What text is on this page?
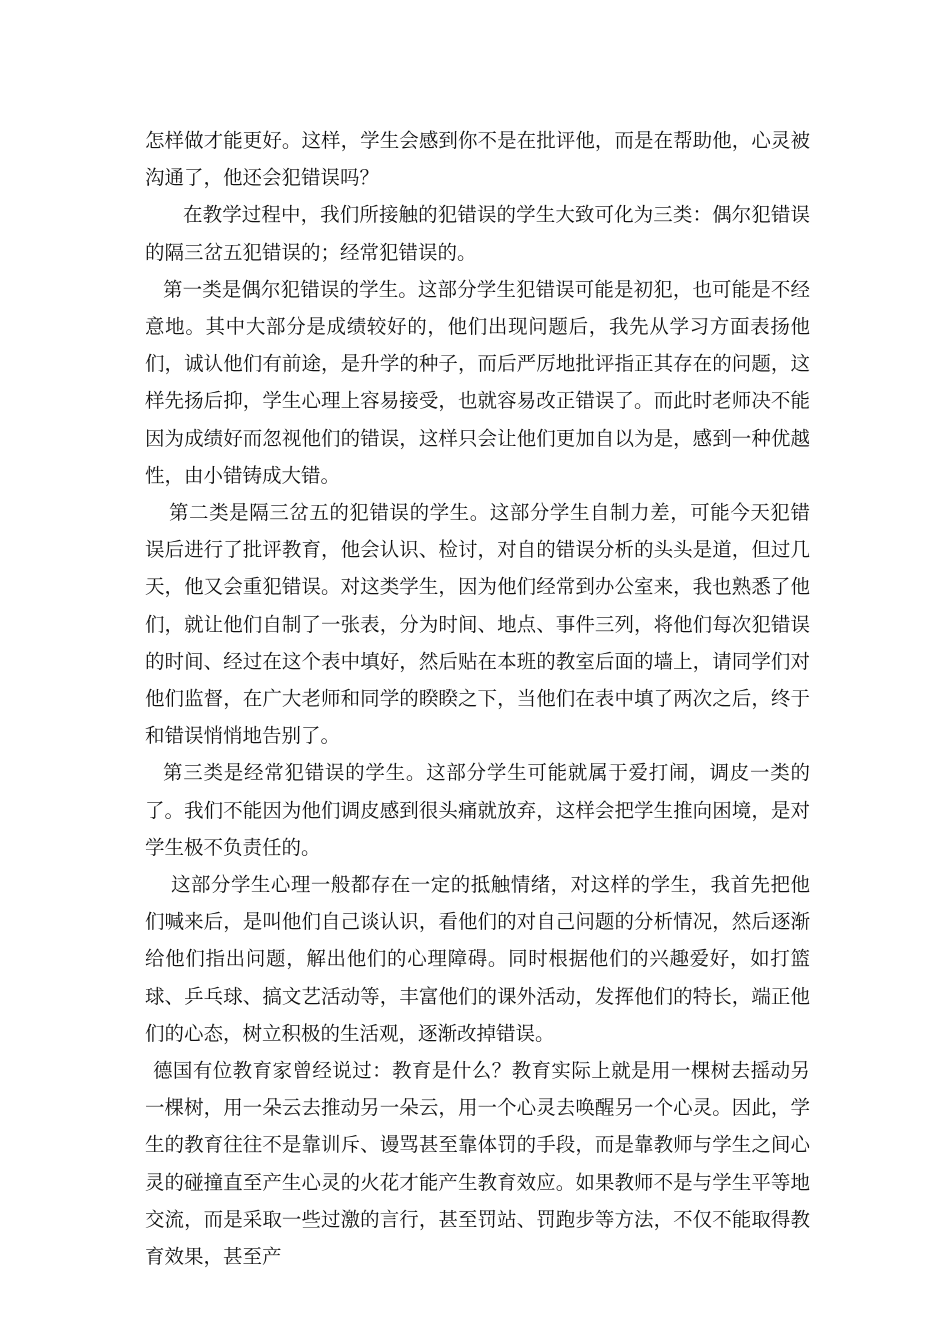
怎样做才能更好。这样，学生会感到你不是在批评他，而是在帮助他，心灵被沟通了，他还会犯错误吗？

在教学过程中，我们所接触的犯错误的学生大致可化为三类：偶尔犯错误的隔三岔五犯错误的；经常犯错误的。

第一类是偶尔犯错误的学生。这部分学生犯错误可能是初犯，也可能是不经意地。其中大部分是成绩较好的，他们出现问题后，我先从学习方面表扬他们，诚认他们有前途，是升学的种子，而后严厉地批评指正其存在的问题，这样先扬后抑，学生心理上容易接受，也就容易改正错误了。而此时老师决不能因为成绩好而忽视他们的错误，这样只会让他们更加自以为是，感到一种优越性，由小错铸成大错。

第二类是隔三岔五的犯错误的学生。这部分学生自制力差，可能今天犯错误后进行了批评教育，他会认识、检讨，对自的错误分析的头头是道，但过几天，他又会重犯错误。对这类学生，因为他们经常到办公室来，我也熟悉了他们，就让他们自制了一张表，分为时间、地点、事件三列，将他们每次犯错误的时间、经过在这个表中填好，然后贴在本班的教室后面的墙上，请同学们对他们监督，在广大老师和同学的睽睽之下，当他们在表中填了两次之后，终于和错误悄悄地告别了。

第三类是经常犯错误的学生。这部分学生可能就属于爱打闹，调皮一类的了。我们不能因为他们调皮感到很头痛就放弃，这样会把学生推向困境，是对学生极不负责任的。

这部分学生心理一般都存在一定的抵触情绪，对这样的学生，我首先把他们喊来后，是叫他们自己谈认识，看他们的对自己问题的分析情况，然后逐渐给他们指出问题，解出他们的心理障碍。同时根据他们的兴趣爱好，如打篮球、乒乓球、搞文艺活动等，丰富他们的课外活动，发挥他们的特长，端正他们的心态，树立积极的生活观，逐渐改掉错误。

德国有位教育家曾经说过：教育是什么？教育实际上就是用一棵树去摇动另一棵树，用一朵云去推动另一朵云，用一个心灵去唤醒另一个心灵。因此，学生的教育往往不是靠训斥、谩骂甚至靠体罚的手段，而是靠教师与学生之间心灵的碰撞直至产生心灵的火花才能产生教育效应。如果教师不是与学生平等地交流，而是采取一些过激的言行，甚至罚站、罚跑步等方法，不仅不能取得教育效果，甚至产
